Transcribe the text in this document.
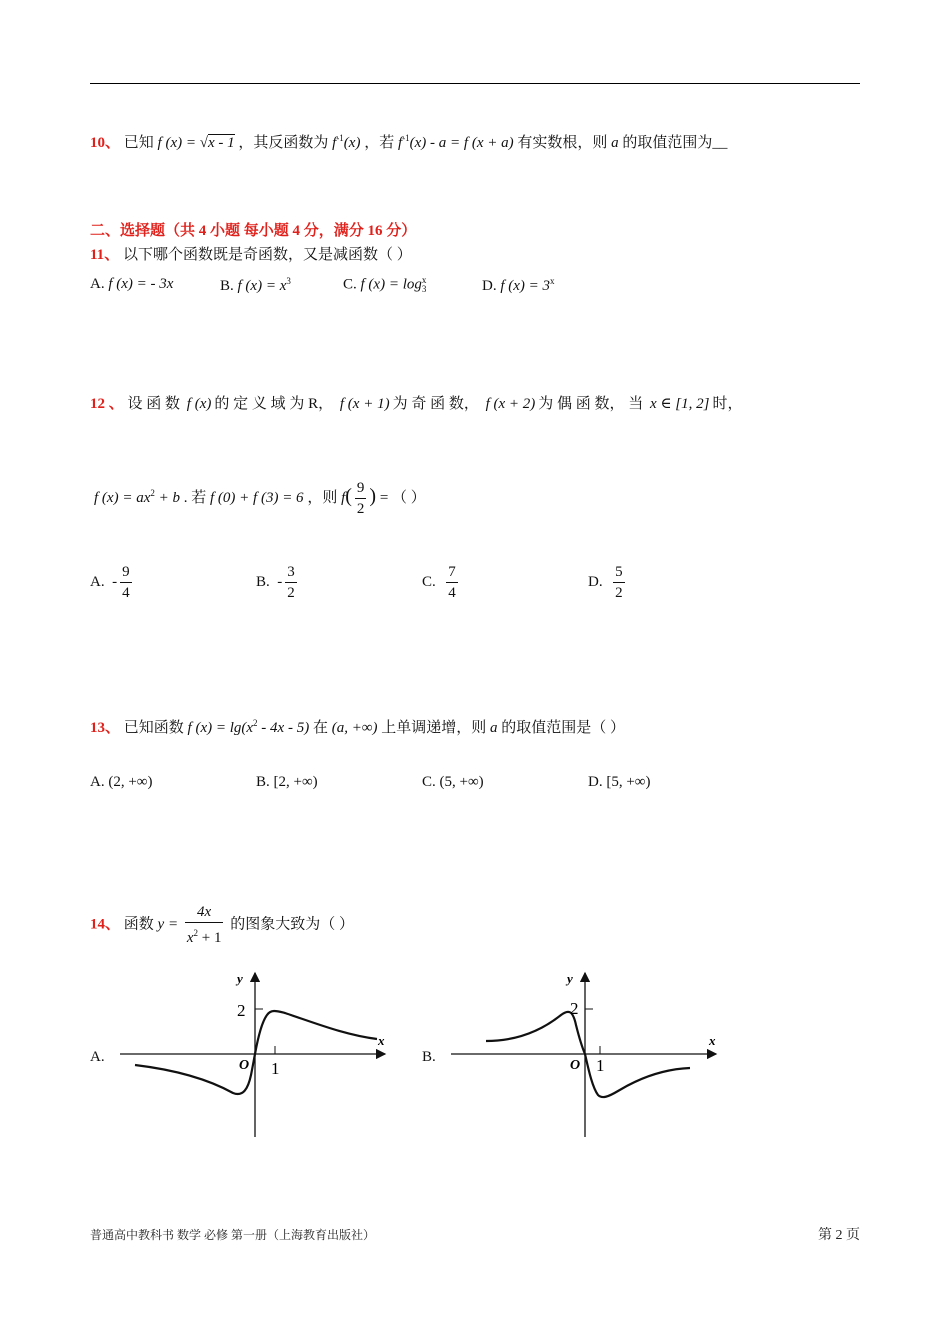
10、 已知 f (x) = √x - 1 ，其反函数为 $f^{-1}(x)$ ，若 $f^{-1}(x) - a = f$ (x + a) 有实数根，则 a 的取值范围为__
二、选择题（共 4 小题 每小题 4 分，满分 16 分）
11、 以下哪个函数既是奇函数，又是减函数（ ）
A. f (x) = - 3x	B. f $(x) = x^3$	C. f (x) = log x
3	D. f $(x) = 3^x$
12 、 设 函 数 f (x) 的 定 义 域 为 R， f (x + 1) 为 奇 函 数， f (x + 2) 为 偶 函 数， 当 x ∈ [1, 2] 时，
f $(x) = ax^2 + b$ . 若 f (0) + f (3) = 6 ，则 $f( \frac{9}{2}$ ) = （ ）
A. - $\frac{9}{4}$	B. - $\frac{3}{2}$	C. $\frac{7}{4}$	D. $\frac{5}{2}$
13、 已知函数 f $(x) = \lg(x^2 - 4x - 5)$ 在 (a, +∞) 上单调递增，则 a 的取值范围是（ ）
A. (2, +∞)	B. [2, +∞)	C. (5, +∞)	D. [5, +∞)
14、 函数 $y = \frac{4x}{x^2 + 1}$ 的图象大致为（ ）
A.
y
x
O
2
1
B.
y
x
O
2
1
普通高中教科书 数学 必修 第一册（上海教育出版社）	第 2 页
